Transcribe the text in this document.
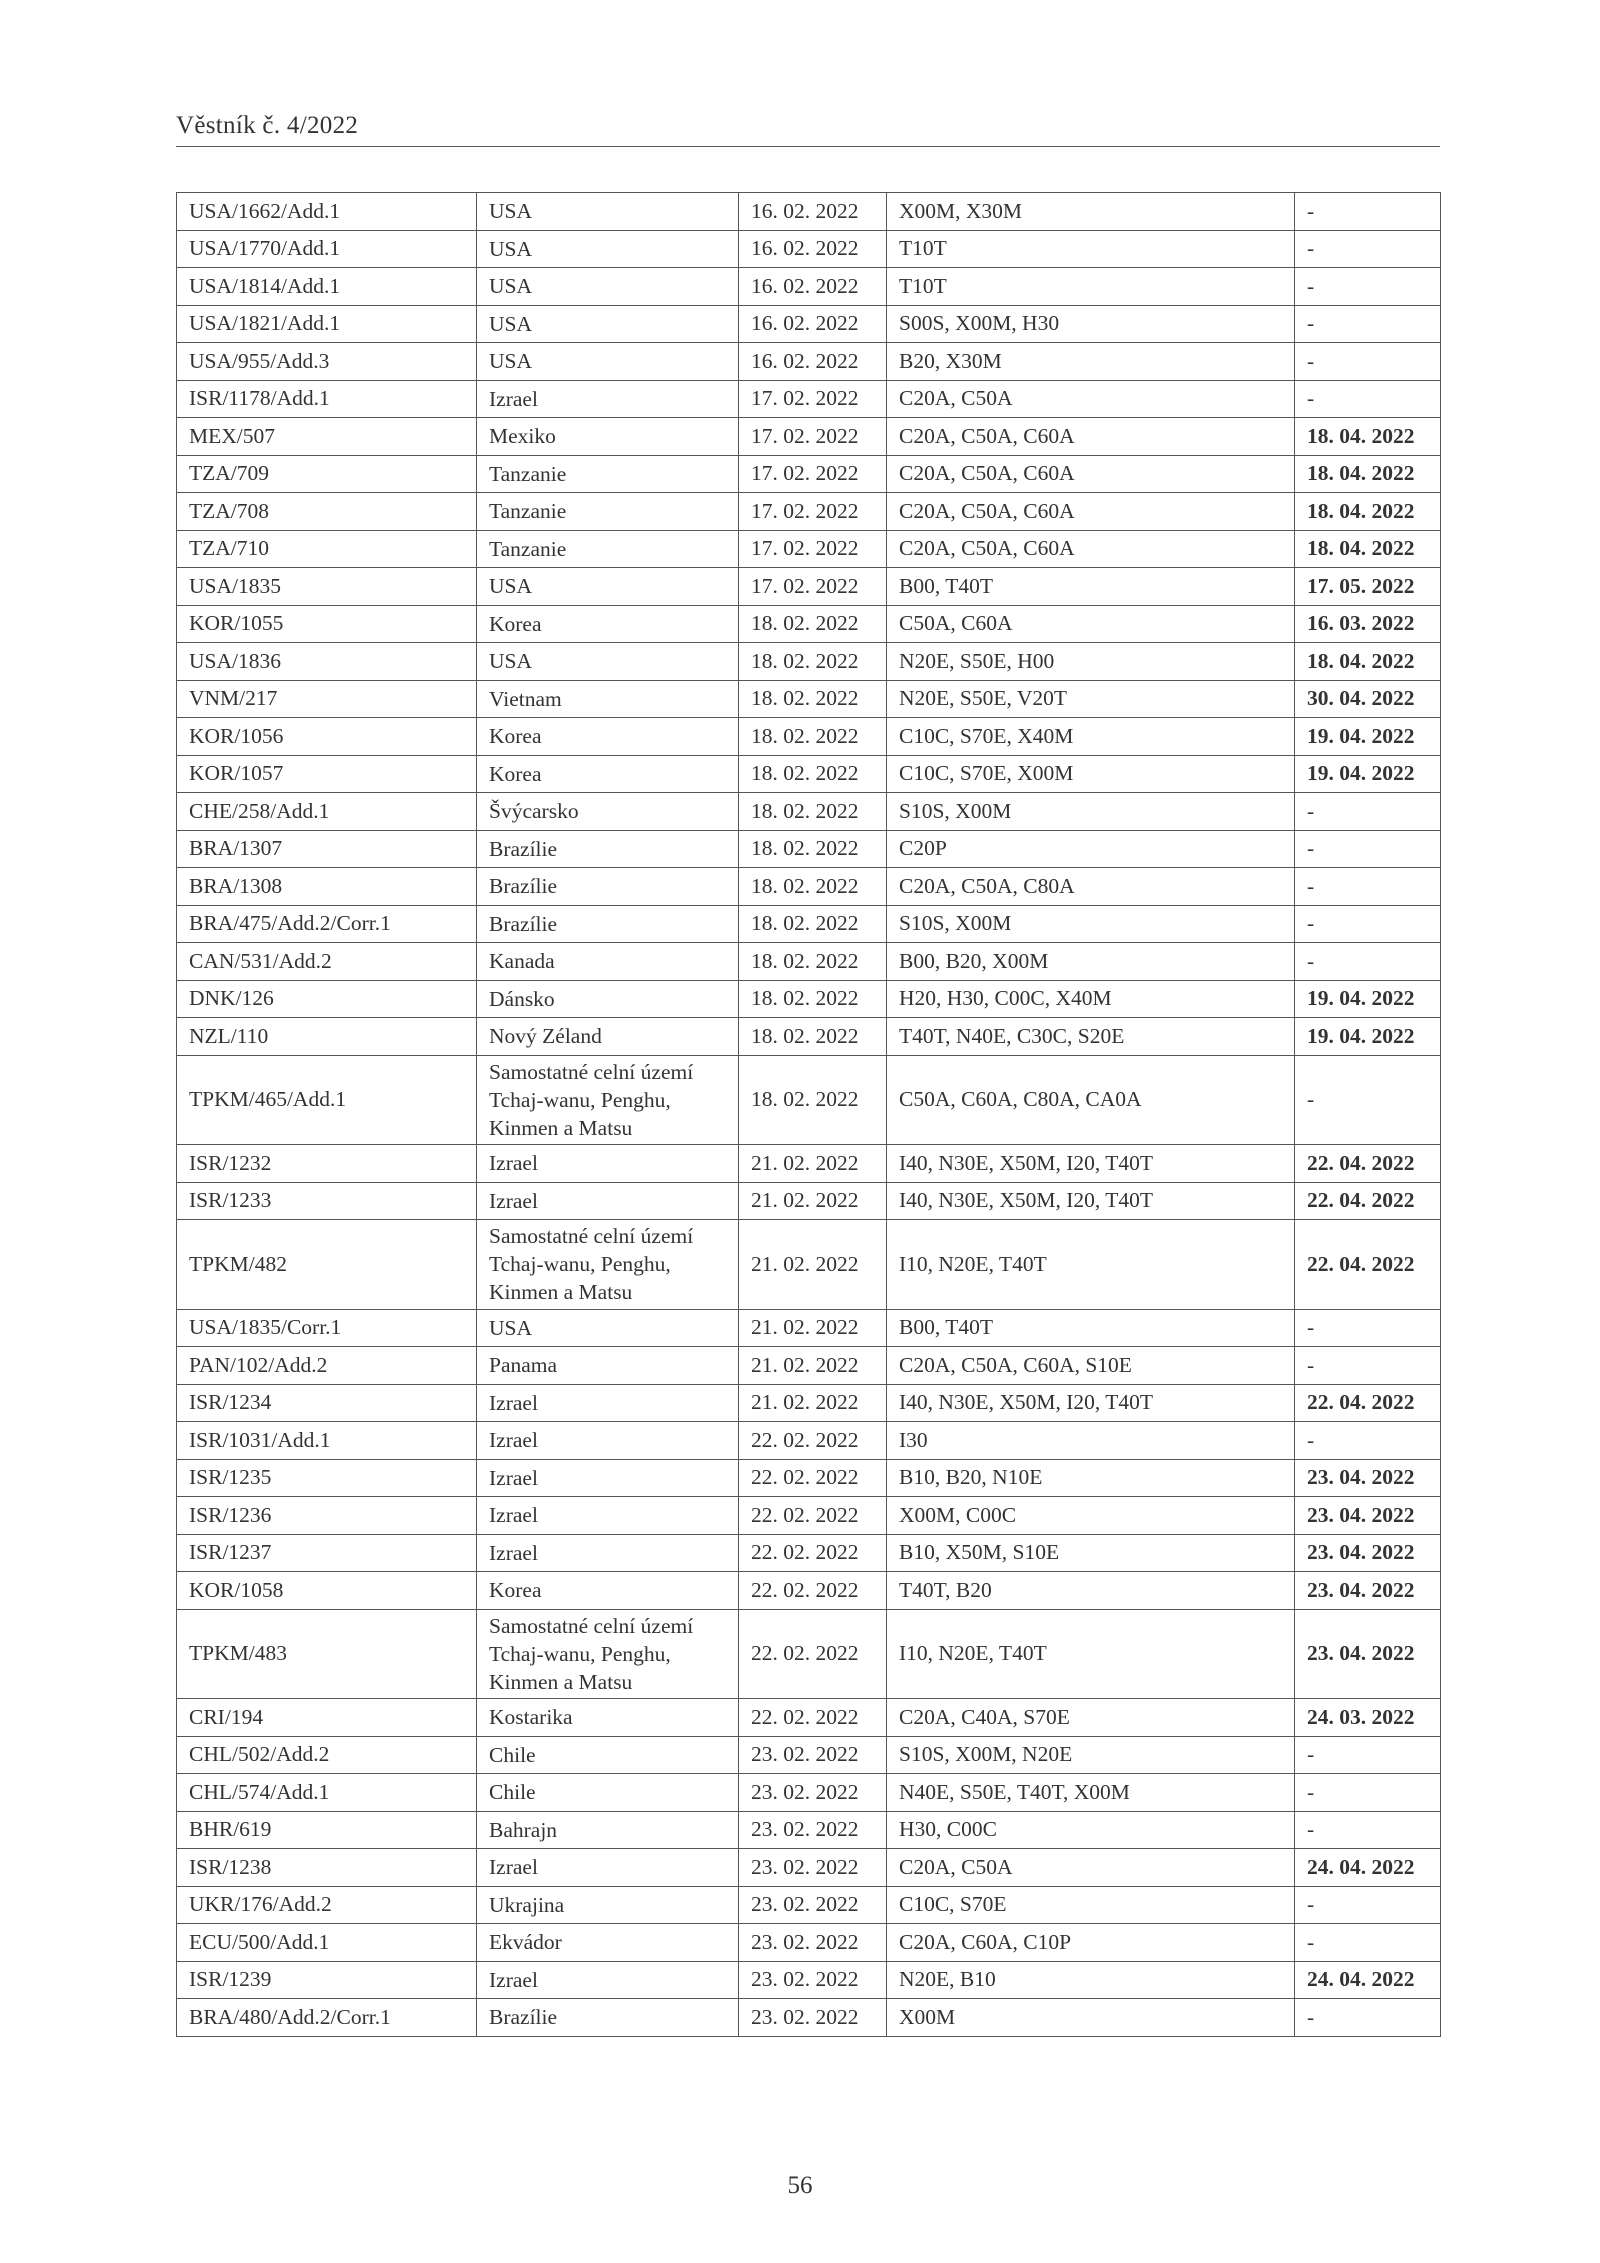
Věstník č. 4/2022
USA/1662/Add.1	USA	16. 02. 2022	X00M, X30M	-
USA/1770/Add.1	USA	16. 02. 2022	T10T	-
USA/1814/Add.1	USA	16. 02. 2022	T10T	-
USA/1821/Add.1	USA	16. 02. 2022	S00S, X00M, H30	-
USA/955/Add.3	USA	16. 02. 2022	B20, X30M	-
ISR/1178/Add.1	Izrael	17. 02. 2022	C20A, C50A	-
MEX/507	Mexiko	17. 02. 2022	C20A, C50A, C60A	18. 04. 2022
TZA/709	Tanzanie	17. 02. 2022	C20A, C50A, C60A	18. 04. 2022
TZA/708	Tanzanie	17. 02. 2022	C20A, C50A, C60A	18. 04. 2022
TZA/710	Tanzanie	17. 02. 2022	C20A, C50A, C60A	18. 04. 2022
USA/1835	USA	17. 02. 2022	B00, T40T	17. 05. 2022
KOR/1055	Korea	18. 02. 2022	C50A, C60A	16. 03. 2022
USA/1836	USA	18. 02. 2022	N20E, S50E, H00	18. 04. 2022
VNM/217	Vietnam	18. 02. 2022	N20E, S50E, V20T	30. 04. 2022
KOR/1056	Korea	18. 02. 2022	C10C, S70E, X40M	19. 04. 2022
KOR/1057	Korea	18. 02. 2022	C10C, S70E, X00M	19. 04. 2022
CHE/258/Add.1	Švýcarsko	18. 02. 2022	S10S, X00M	-
BRA/1307	Brazílie	18. 02. 2022	C20P	-
BRA/1308	Brazílie	18. 02. 2022	C20A, C50A, C80A	-
BRA/475/Add.2/Corr.1	Brazílie	18. 02. 2022	S10S, X00M	-
CAN/531/Add.2	Kanada	18. 02. 2022	B00, B20, X00M	-
DNK/126	Dánsko	18. 02. 2022	H20, H30, C00C, X40M	19. 04. 2022
NZL/110	Nový Zéland	18. 02. 2022	T40T, N40E, C30C, S20E	19. 04. 2022
TPKM/465/Add.1	Samostatné celní území Tchaj-wanu, Penghu, Kinmen a Matsu	18. 02. 2022	C50A, C60A, C80A, CA0A	-
ISR/1232	Izrael	21. 02. 2022	I40, N30E, X50M, I20, T40T	22. 04. 2022
ISR/1233	Izrael	21. 02. 2022	I40, N30E, X50M, I20, T40T	22. 04. 2022
TPKM/482	Samostatné celní území Tchaj-wanu, Penghu, Kinmen a Matsu	21. 02. 2022	I10, N20E, T40T	22. 04. 2022
USA/1835/Corr.1	USA	21. 02. 2022	B00, T40T	-
PAN/102/Add.2	Panama	21. 02. 2022	C20A, C50A, C60A, S10E	-
ISR/1234	Izrael	21. 02. 2022	I40, N30E, X50M, I20, T40T	22. 04. 2022
ISR/1031/Add.1	Izrael	22. 02. 2022	I30	-
ISR/1235	Izrael	22. 02. 2022	B10, B20, N10E	23. 04. 2022
ISR/1236	Izrael	22. 02. 2022	X00M, C00C	23. 04. 2022
ISR/1237	Izrael	22. 02. 2022	B10, X50M, S10E	23. 04. 2022
KOR/1058	Korea	22. 02. 2022	T40T, B20	23. 04. 2022
TPKM/483	Samostatné celní území Tchaj-wanu, Penghu, Kinmen a Matsu	22. 02. 2022	I10, N20E, T40T	23. 04. 2022
CRI/194	Kostarika	22. 02. 2022	C20A, C40A, S70E	24. 03. 2022
CHL/502/Add.2	Chile	23. 02. 2022	S10S, X00M, N20E	-
CHL/574/Add.1	Chile	23. 02. 2022	N40E, S50E, T40T, X00M	-
BHR/619	Bahrajn	23. 02. 2022	H30, C00C	-
ISR/1238	Izrael	23. 02. 2022	C20A, C50A	24. 04. 2022
UKR/176/Add.2	Ukrajina	23. 02. 2022	C10C, S70E	-
ECU/500/Add.1	Ekvádor	23. 02. 2022	C20A, C60A, C10P	-
ISR/1239	Izrael	23. 02. 2022	N20E, B10	24. 04. 2022
BRA/480/Add.2/Corr.1	Brazílie	23. 02. 2022	X00M	-
56
